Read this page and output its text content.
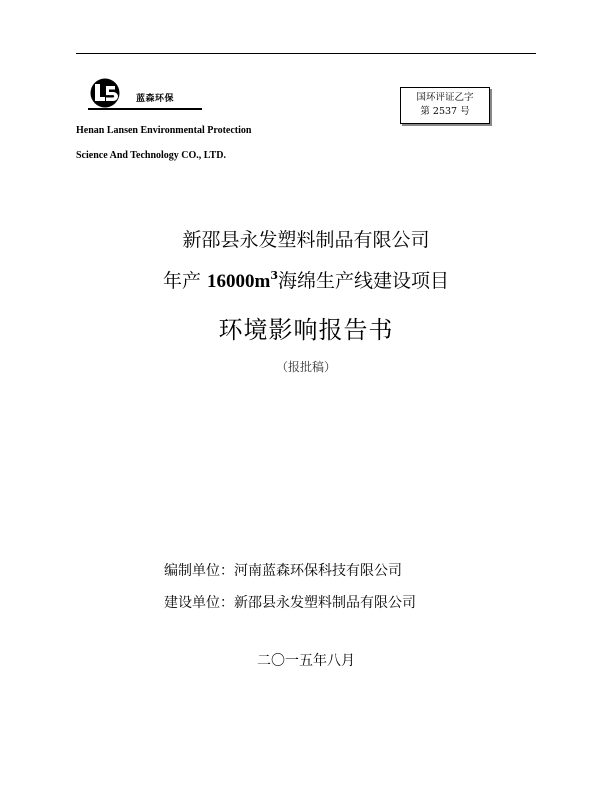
蓝森环保
Henan Lansen Environmental Protection
Science And Technology CO., LTD.
国环评证乙字
第 2537 号
新邵县永发塑料制品有限公司
年产 $16000m^3$海绵生产线建设项目
环境影响报告书
（报批稿）
编制单位：河南蓝森环保科技有限公司
建设单位：新邵县永发塑料制品有限公司
二〇一五年八月
